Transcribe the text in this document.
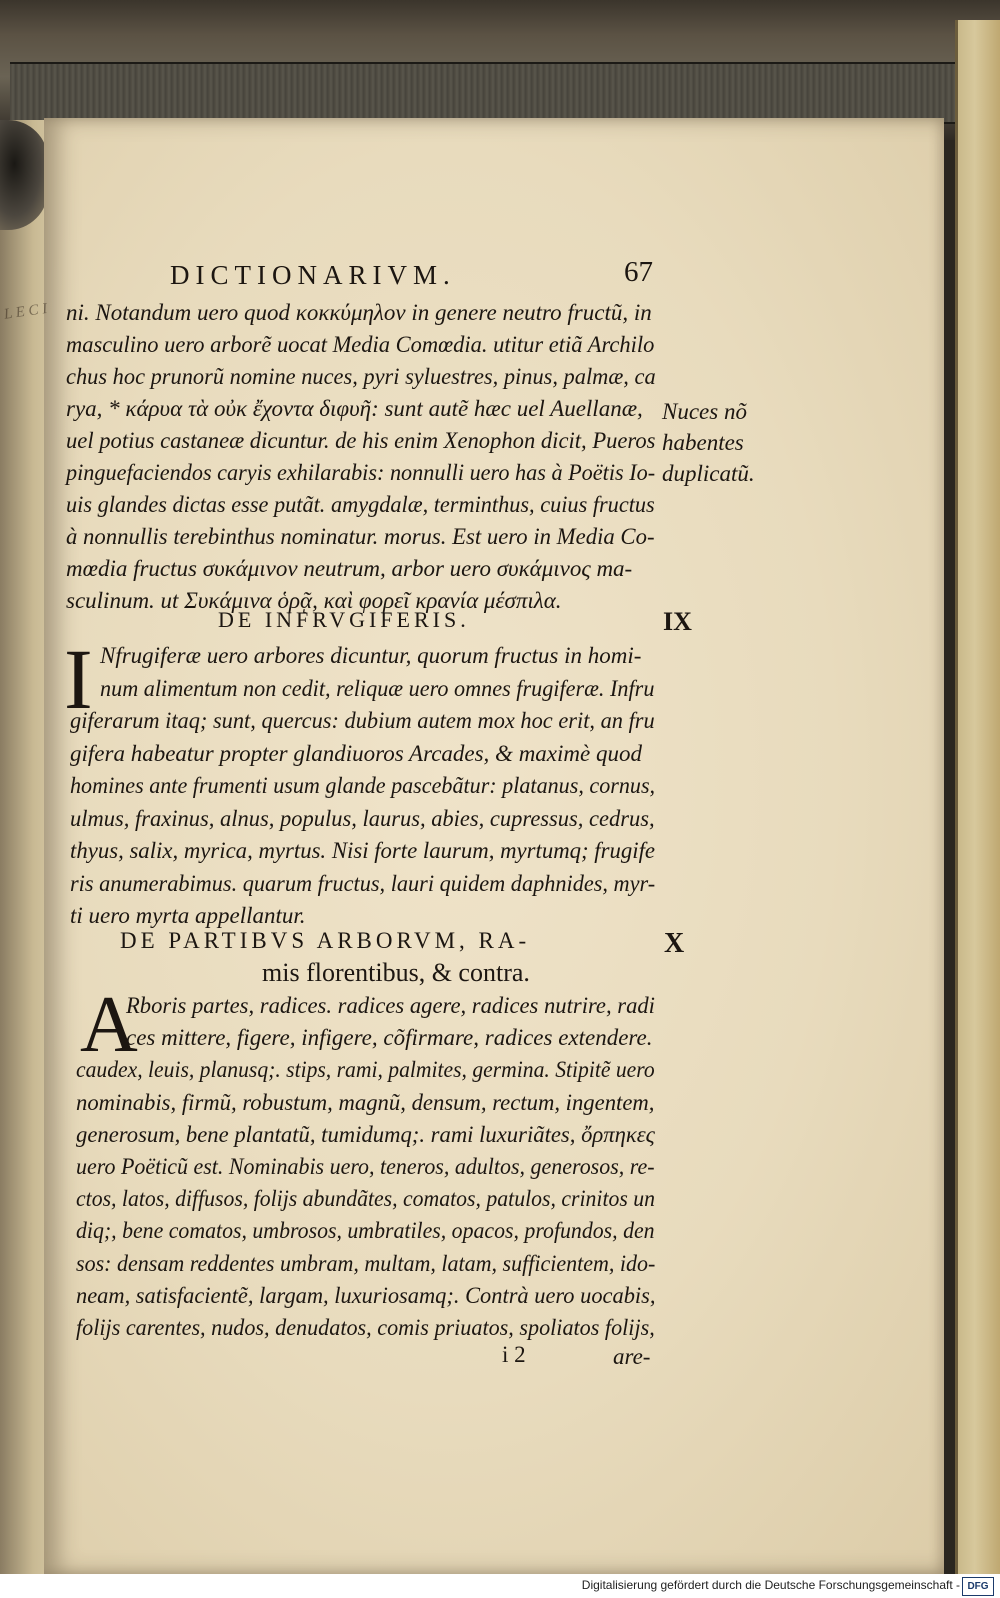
DICTIONARIVM.	67
ni. Notandum uero quod κοκκύμηλον in genere neutro fructũ, in
masculino uero arborẽ uocat Media Comœdia. utitur etiã Archilo
chus hoc prunorũ nomine nuces, pyri syluestres, pinus, palmæ, ca
rya, * κάρυα τὰ οὐκ ἔχοντα διφυῆ: sunt autẽ hæc uel Auellanæ,
uel potius castaneæ dicuntur. de his enim Xenophon dicit, Pueros
pinguefaciendos caryis exhilarabis: nonnulli uero has à Poëtis Io-
uis glandes dictas esse putãt. amygdalæ, terminthus, cuius fructus
à nonnullis terebinthus nominatur. morus. Est uero in Media Co-
mœdia fructus συκάμινον neutrum, arbor uero συκάμινος ma-
sculinum. ut Συκάμινα ὁρᾷ, καὶ φορεῖ κρανία μέσπιλα.
Nuces nõ
habentes
duplicatũ.
DE INFRVGIFERIS.	IX
I Nfrugiferæ uero arbores dicuntur, quorum fructus in homi-
num alimentum non cedit, reliquæ uero omnes frugiferæ. Infru
giferarum itaq; sunt, quercus: dubium autem mox hoc erit, an fru
gifera habeatur propter glandiuoros Arcades, & maximè quod
homines ante frumenti usum glande pascebãtur: platanus, cornus,
ulmus, fraxinus, alnus, populus, laurus, abies, cupressus, cedrus,
thyus, salix, myrica, myrtus. Nisi forte laurum, myrtumq; frugife
ris anumerabimus. quarum fructus, lauri quidem daphnides, myr-
ti uero myrta appellantur.
DE PARTIBVS ARBORVM, RA-	X
mis florentibus, & contra.
A
Rboris partes, radices. radices agere, radices nutrire, radi
ces mittere, figere, infigere, cõfirmare, radices extendere.
caudex, leuis, planusq;. stips, rami, palmites, germina. Stipitẽ uero
nominabis, firmũ, robustum, magnũ, densum, rectum, ingentem,
generosum, bene plantatũ, tumidumq;. rami luxuriãtes, ὄρπηκες
uero Poëticũ est. Nominabis uero, teneros, adultos, generosos, re-
ctos, latos, diffusos, folijs abundãtes, comatos, patulos, crinitos un
diq;, bene comatos, umbrosos, umbratiles, opacos, profundos, den
sos: densam reddentes umbram, multam, latam, sufficientem, ido-
neam, satisfacientẽ, largam, luxuriosamq;. Contrà uero uocabis,
folijs carentes, nudos, denudatos, comis priuatos, spoliatos folijs,
i 2	are-
L E C I
Digitalisierung gefördert durch die Deutsche Forschungsgemeinschaft - DFG
